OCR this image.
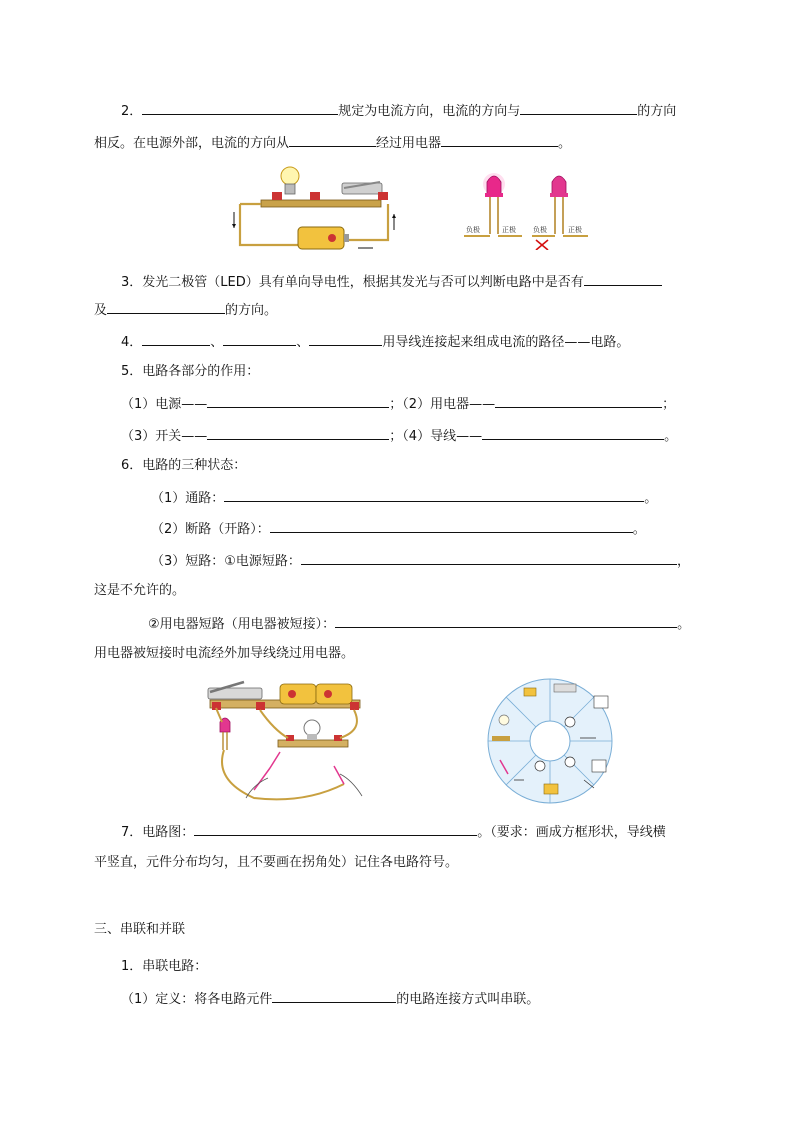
2．	规定为电流方向，电流的方向与	的方向
相反。在电源外部，电流的方向从	经过用电器	。
负极	正极 负极	正极
3．发光二极管（LED）具有单向导电性，根据其发光与否可以判断电路中是否有
及	的方向。
4．	、	、	用导线连接起来组成电流的路径——电路。
5．电路各部分的作用：
（1）电源——	；（2）用电器——	；
（3）开关——	；（4）导线——	。
6．电路的三种状态：
（1）通路：	。
（2）断路（开路）：	。
（3）短路：①电源短路：	，
这是不允许的。
②用电器短路（用电器被短接）：	。
用电器被短接时电流经外加导线绕过用电器。
7．电路图：	。（要求：画成方框形状，导线横
平竖直，元件分布均匀，且不要画在拐角处）记住各电路符号。
三、串联和并联
1．串联电路：
（1）定义：将各电路元件	的电路连接方式叫串联。
